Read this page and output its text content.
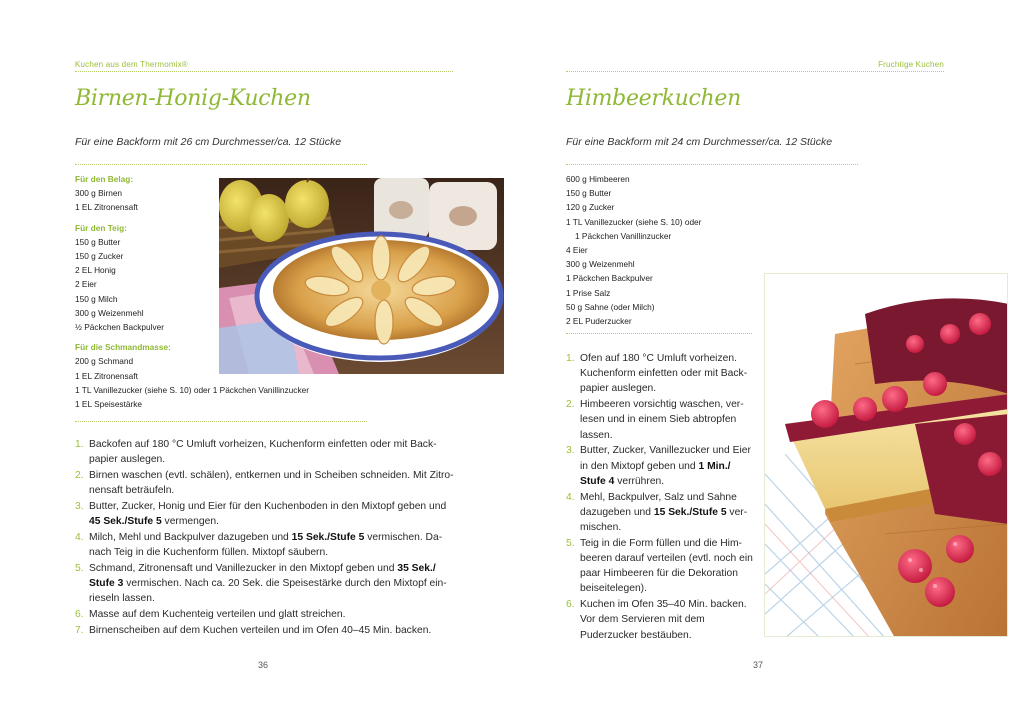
Kuchen aus dem Thermomix®
Birnen-Honig-Kuchen
Für eine Backform mit 26 cm Durchmesser/ca. 12 Stücke
Für den Belag:
300 g Birnen
1 EL Zitronensaft
Für den Teig:
150 g Butter
150 g Zucker
2 EL Honig
2 Eier
150 g Milch
300 g Weizenmehl
½ Päckchen Backpulver
Für die Schmandmasse:
200 g Schmand
1 EL Zitronensaft
1 TL Vanillezucker (siehe S. 10) oder 1 Päckchen Vanillinzucker
1 EL Speisestärke
1. Backofen auf 180 °C Umluft vorheizen, Kuchenform einfetten oder mit Back-
papier auslegen.
2. Birnen waschen (evtl. schälen), entkernen und in Scheiben schneiden. Mit Zitro-
nensaft beträufeln.
3. Butter, Zucker, Honig und Eier für den Kuchenboden in den Mixtopf geben und
45 Sek./Stufe 5 vermengen.
4. Milch, Mehl und Backpulver dazugeben und 15 Sek./Stufe 5 vermischen. Da-
nach Teig in die Kuchenform füllen. Mixtopf säubern.
5. Schmand, Zitronensaft und Vanillezucker in den Mixtopf geben und 35 Sek./
Stufe 3 vermischen. Nach ca. 20 Sek. die Speisestärke durch den Mixtopf ein-
rieseln lassen.
6. Masse auf dem Kuchenteig verteilen und glatt streichen.
7. Birnenscheiben auf dem Kuchen verteilen und im Ofen 40–45 Min. backen.
36
Fruchtige Kuchen
Himbeerkuchen
Für eine Backform mit 24 cm Durchmesser/ca. 12 Stücke
600 g Himbeeren
150 g Butter
120 g Zucker
1 TL Vanillezucker (siehe S. 10) oder
1 Päckchen Vanillinzucker
4 Eier
300 g Weizenmehl
1 Päckchen Backpulver
1 Prise Salz
50 g Sahne (oder Milch)
2 EL Puderzucker
1. Ofen auf 180 °C Umluft vorheizen.
Kuchenform einfetten oder mit Back-
papier auslegen.
2. Himbeeren vorsichtig waschen, ver-
lesen und in einem Sieb abtropfen
lassen.
3. Butter, Zucker, Vanillezucker und Eier
in den Mixtopf geben und 1 Min./
Stufe 4 verrühren.
4. Mehl, Backpulver, Salz und Sahne
dazugeben und 15 Sek./Stufe 5 ver-
mischen.
5. Teig in die Form füllen und die Him-
beeren darauf verteilen (evtl. noch ein
paar Himbeeren für die Dekoration
beiseitelegen).
6. Kuchen im Ofen 35–40 Min. backen.
Vor dem Servieren mit dem
Puderzucker bestäuben.
37
